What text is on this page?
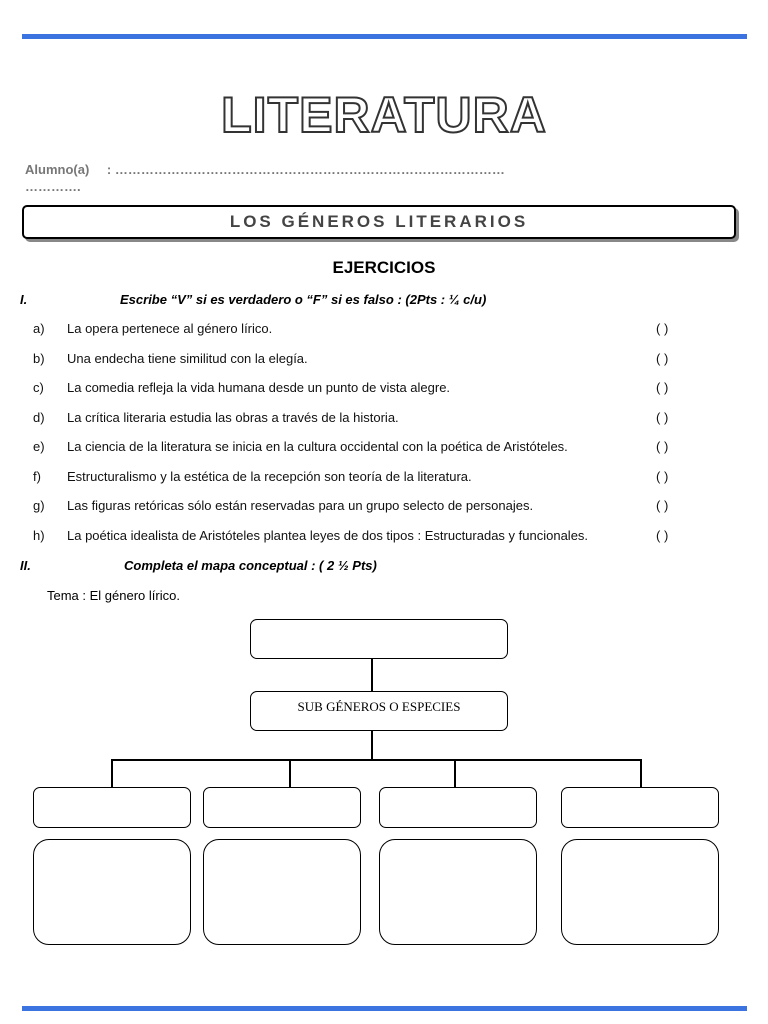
LITERATURA
Alumno(a) : ………………………………………………………………………………
………….
LOS GÉNEROS LITERARIOS
EJERCICIOS
I.	Escribe “V” si es verdadero o “F” si es falso : (2Pts : ¼ c/u)
a) La opera pertenece al género lírico.	( )
b) Una endecha tiene similitud con la elegía.	( )
c) La comedia refleja la vida humana desde un punto de vista alegre.	( )
d) La crítica literaria estudia las obras a través de la historia.	( )
e) La ciencia de la literatura se inicia en la cultura occidental con la poética de Aristóteles.	( )
f) Estructuralismo y la estética de la recepción son teoría de la literatura.	( )
g) Las figuras retóricas sólo están reservadas para un grupo selecto de personajes.	( )
h) La poética idealista de Aristóteles plantea leyes de dos tipos : Estructuradas y funcionales.	( )
II.	Completa el mapa conceptual : ( 2 ½ Pts)
Tema : El género lírico.
SUB GÉNEROS O ESPECIES
